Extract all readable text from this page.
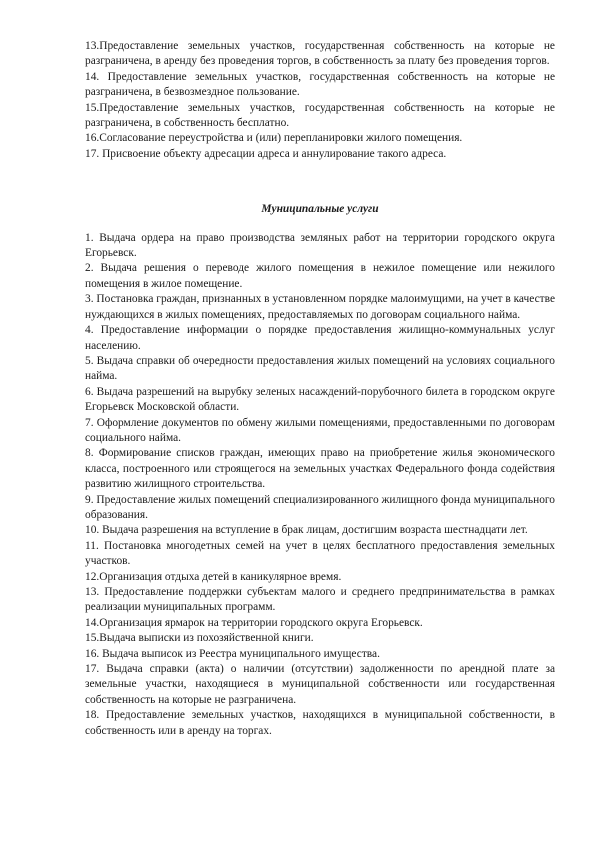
13.Предоставление земельных участков, государственная собственность на которые не разграничена, в аренду без проведения торгов, в собственность за плату без проведения торгов.

14. Предоставление земельных участков, государственная собственность на которые не разграничена, в безвозмездное пользование.

15.Предоставление земельных участков, государственная собственность на которые не разграничена, в собственность бесплатно.

16.Согласование переустройства и (или) перепланировки жилого помещения.

17. Присвоение объекту адресации адреса и аннулирование такого адреса.

Муниципальные услуги

1. Выдача ордера на право производства земляных работ на территории городского округа Егорьевск.

2. Выдача решения о переводе жилого помещения в нежилое помещение или нежилого помещения в жилое помещение.

3. Постановка граждан, признанных в установленном порядке малоимущими, на учет в качестве нуждающихся в жилых помещениях, предоставляемых по договорам социального найма.

4. Предоставление информации о порядке предоставления жилищно-коммунальных услуг населению.

5. Выдача справки об очередности предоставления жилых помещений на условиях социального найма.

6. Выдача разрешений на вырубку зеленых насаждений-порубочного билета в городском округе Егорьевск Московской области.

7. Оформление документов по обмену жилыми помещениями, предоставленными по договорам социального найма.

8. Формирование списков граждан, имеющих право на приобретение жилья экономического класса, построенного или строящегося на земельных участках Федерального фонда содействия развитию жилищного строительства.

9. Предоставление жилых помещений специализированного жилищного фонда муниципального образования.

10. Выдача разрешения на вступление в брак лицам, достигшим возраста шестнадцати лет.

11. Постановка многодетных семей на учет в целях бесплатного предоставления земельных участков.

12.Организация отдыха детей в каникулярное время.

13. Предоставление поддержки субъектам малого и среднего предпринимательства в рамках реализации муниципальных программ.

14.Организация ярмарок на территории городского округа Егорьевск.

15.Выдача выписки из похозяйственной книги.

16. Выдача выписок из Реестра муниципального имущества.

17. Выдача справки (акта) о наличии (отсутствии) задолженности по арендной плате за земельные участки, находящиеся в муниципальной собственности или государственная собственность на которые не разграничена.

18. Предоставление земельных участков, находящихся в муниципальной собственности, в собственность или в аренду на торгах.
